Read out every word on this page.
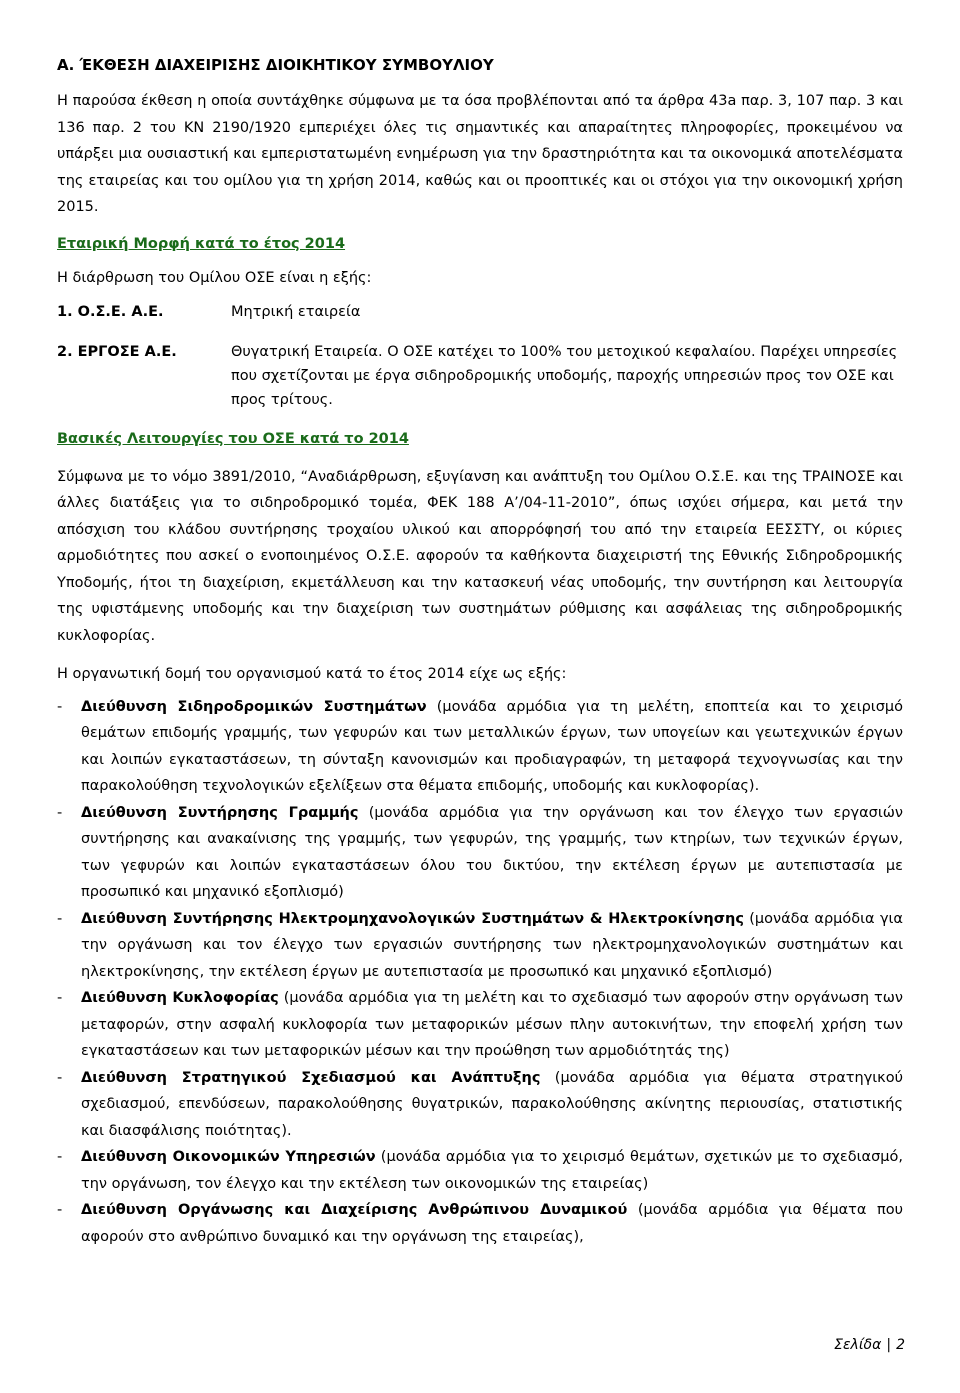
Α. ΈΚΘΕΣΗ ΔΙΑΧΕΙΡΙΣΗΣ ΔΙΟΙΚΗΤΙΚΟΥ ΣΥΜΒΟΥΛΙΟΥ

Η παρούσα έκθεση η οποία συντάχθηκε σύμφωνα με τα όσα προβλέπονται από τα άρθρα 43a παρ. 3, 107 παρ. 3 και 136 παρ. 2 του ΚΝ 2190/1920 εμπεριέχει όλες τις σημαντικές και απαραίτητες πληροφορίες, προκειμένου να υπάρξει μια ουσιαστική και εμπεριστατωμένη ενημέρωση για την δραστηριότητα και τα οικονομικά αποτελέσματα της εταιρείας και του ομίλου για τη χρήση 2014, καθώς και οι προοπτικές και οι στόχοι για την οικονομική χρήση 2015.

Εταιρική Μορφή κατά το έτος 2014

Η διάρθρωση του Ομίλου ΟΣΕ είναι η εξής:

1. Ο.Σ.Ε. Α.Ε.	Μητρική εταιρεία
2. ΕΡΓΟΣΕ Α.Ε.	Θυγατρική Εταιρεία. Ο ΟΣΕ κατέχει το 100% του μετοχικού κεφαλαίου. Παρέχει υπηρεσίες που σχετίζονται με έργα σιδηροδρομικής υποδομής, παροχής υπηρεσιών προς τον ΟΣΕ και προς τρίτους.
Βασικές Λειτουργίες του ΟΣΕ κατά το 2014

Σύμφωνα με το νόμο 3891/2010, “Αναδιάρθρωση, εξυγίανση και ανάπτυξη του Ομίλου Ο.Σ.Ε. και της ΤΡΑΙΝΟΣΕ και άλλες διατάξεις για το σιδηροδρομικό τομέα, ΦΕΚ 188 Α’/04-11-2010”, όπως ισχύει σήμερα, και μετά την απόσχιση του κλάδου συντήρησης τροχαίου υλικού και απορρόφησή του από την εταιρεία ΕΕΣΣΤΥ, οι κύριες αρμοδιότητες που ασκεί ο ενοποιημένος Ο.Σ.Ε. αφορούν τα καθήκοντα διαχειριστή της Εθνικής Σιδηροδρομικής Υποδομής, ήτοι τη διαχείριση, εκμετάλλευση και την κατασκευή νέας υποδομής, την συντήρηση και λειτουργία της υφιστάμενης υποδομής και την διαχείριση των συστημάτων ρύθμισης και ασφάλειας της σιδηροδρομικής κυκλοφορίας.

Η οργανωτική δομή του οργανισμού κατά το έτος 2014 είχε ως εξής:

-	Διεύθυνση Σιδηροδρομικών Συστημάτων (μονάδα αρμόδια για τη μελέτη, εποπτεία και το χειρισμό θεμάτων επιδομής γραμμής, των γεφυρών και των μεταλλικών έργων, των υπογείων και γεωτεχνικών έργων και λοιπών εγκαταστάσεων, τη σύνταξη κανονισμών και προδιαγραφών, τη μεταφορά τεχνογνωσίας και την παρακολούθηση τεχνολογικών εξελίξεων στα θέματα επιδομής, υποδομής και κυκλοφορίας).
-	Διεύθυνση Συντήρησης Γραμμής (μονάδα αρμόδια για την οργάνωση και τον έλεγχο των εργασιών συντήρησης και ανακαίνισης της γραμμής, των γεφυρών, της γραμμής, των κτηρίων, των τεχνικών έργων, των γεφυρών και λοιπών εγκαταστάσεων όλου του δικτύου, την εκτέλεση έργων με αυτεπιστασία με προσωπικό και μηχανικό εξοπλισμό)
-	Διεύθυνση Συντήρησης Ηλεκτρομηχανολογικών Συστημάτων & Ηλεκτροκίνησης (μονάδα αρμόδια για την οργάνωση και τον έλεγχο των εργασιών συντήρησης των ηλεκτρομηχανολογικών συστημάτων και ηλεκτροκίνησης, την εκτέλεση έργων με αυτεπιστασία με προσωπικό και μηχανικό εξοπλισμό)
-	Διεύθυνση Κυκλοφορίας (μονάδα αρμόδια για τη μελέτη και το σχεδιασμό των αφορούν στην οργάνωση των μεταφορών, στην ασφαλή κυκλοφορία των μεταφορικών μέσων πλην αυτοκινήτων, την εποφελή χρήση των εγκαταστάσεων και των μεταφορικών μέσων και την προώθηση των αρμοδιότητάς της)
-	Διεύθυνση Στρατηγικού Σχεδιασμού και Ανάπτυξης (μονάδα αρμόδια για θέματα στρατηγικού σχεδιασμού, επενδύσεων, παρακολούθησης θυγατρικών, παρακολούθησης ακίνητης περιουσίας, στατιστικής και διασφάλισης ποιότητας).
-	Διεύθυνση Οικονομικών Υπηρεσιών (μονάδα αρμόδια για το χειρισμό θεμάτων, σχετικών με το σχεδιασμό, την οργάνωση, τον έλεγχο και την εκτέλεση των οικονομικών της εταιρείας)
-	Διεύθυνση Οργάνωσης και Διαχείρισης Ανθρώπινου Δυναμικού (μονάδα αρμόδια για θέματα που αφορούν στο ανθρώπινο δυναμικό και την οργάνωση της εταιρείας),
Σελίδα | 2
